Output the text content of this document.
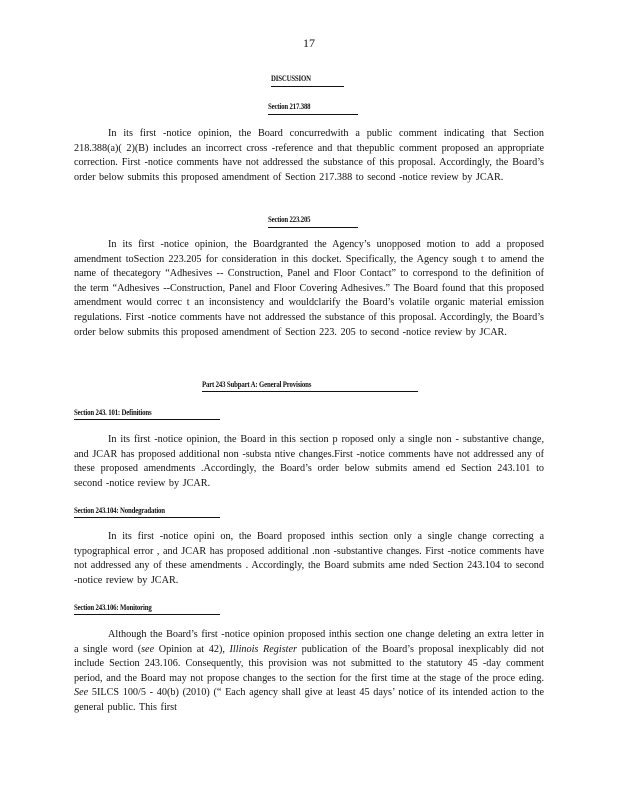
17
DISCUSSION
Section 217.388
In its first -notice opinion, the Board concurredwith a public comment indicating that Section 218.388(a)( 2)(B) includes an incorrect cross -reference and that thepublic comment proposed an appropriate correction. First -notice comments have not addressed the substance of this proposal. Accordingly, the Board’s order below submits this proposed amendment of Section 217.388 to second -notice review by JCAR.
Section 223.205
In its first -notice opinion, the Boardgranted the Agency’s unopposed motion to add a proposed amendment toSection 223.205 for consideration in this docket. Specifically, the Agency sough t to amend the name of thecategory “Adhesives -- Construction, Panel and Floor Contact” to correspond to the definition of the term “Adhesives --Construction, Panel and Floor Covering Adhesives.” The Board found that this proposed amendment would correc t an inconsistency and wouldclarify the Board’s volatile organic material emission regulations. First -notice comments have not addressed the substance of this proposal. Accordingly, the Board’s order below submits this proposed amendment of Section 223. 205 to second -notice review by JCAR.
Part 243 Subpart A: General Provisions
Section 243. 101: Definitions
In its first -notice opinion, the Board in this section p roposed only a single non - substantive change, and JCAR has proposed additional non -substa ntive changes.First -notice comments have not addressed any of these proposed amendments .Accordingly, the Board’s order below submits amend ed Section 243.101 to second -notice review by JCAR.
Section 243.104: Nondegradation
In its first -notice opini on, the Board proposed inthis section only a single change correcting a typographical error , and JCAR has proposed additional .non -substantive changes. First -notice comments have not addressed any of these amendments . Accordingly, the Board submits ame nded Section 243.104 to second -notice review by JCAR.
Section 243.106: Monitoring
Although the Board’s first -notice opinion proposed inthis section one change deleting an extra letter in a single word (see Opinion at 42), Illinois Register publication of the Board’s proposal inexplicably did not include Section 243.106. Consequently, this provision was not submitted to the statutory 45 -day comment period, and the Board may not propose changes to the section for the first time at the stage of the proce eding. See 5ILCS 100/5 - 40(b) (2010) (“ Each agency shall give at least 45 days’ notice of its intended action to the general public. This first
